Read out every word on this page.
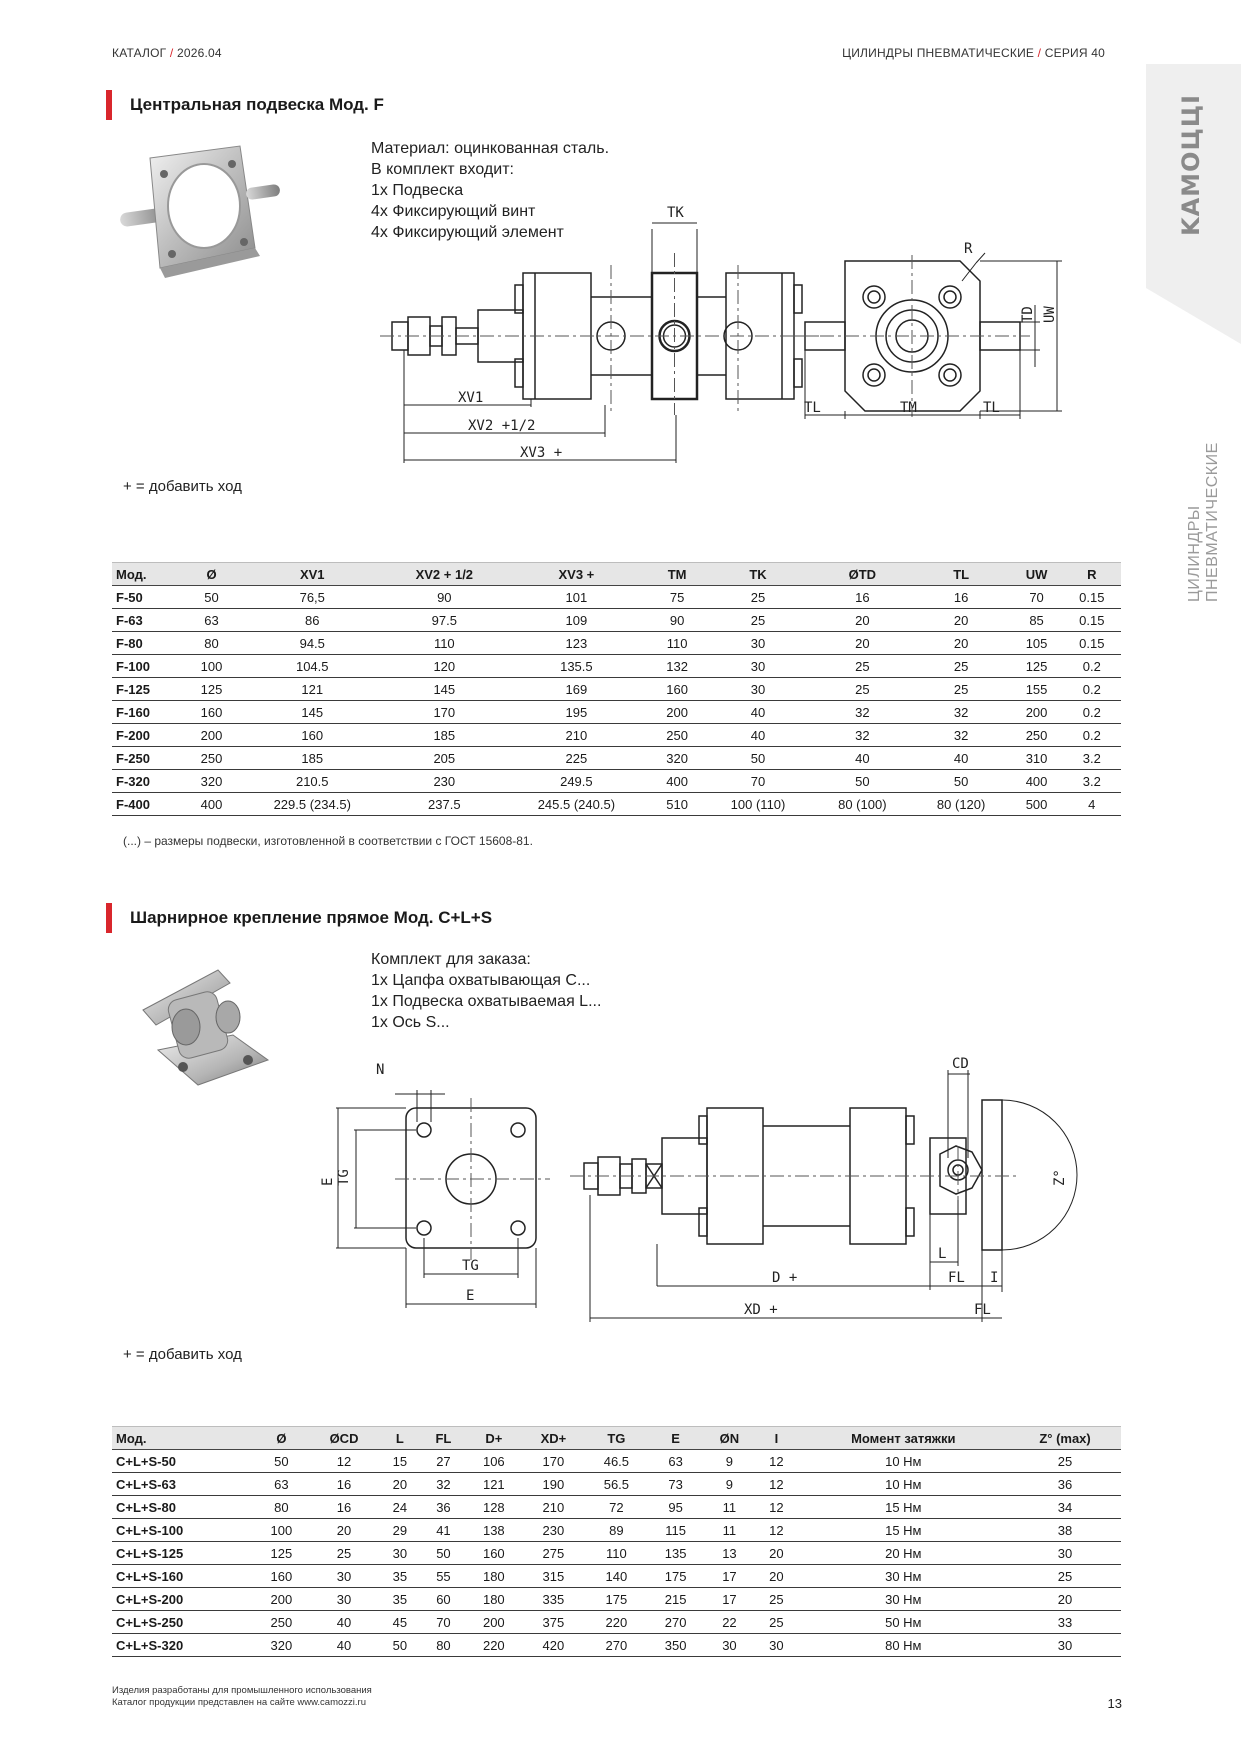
КАТАЛОГ / 2026.04	ЦИЛИНДРЫ ПНЕВМАТИЧЕСКИЕ / СЕРИЯ 40
KAMOЦЦI
ЦИЛИНДРЫ ПНЕВМАТИЧЕСКИЕ
Центральная подвеска Мод. F
Материал: оцинкованная сталь.
В комплект входит:
1x Подвеска
4x Фиксирующий винт
4x Фиксирующий элемент
TK
R
TD UW
TL	TM	TL
XV1
XV2 +1/2
XV3 +
+ = добавить ход
Мод.	Ø	XV1	XV2 + 1/2	XV3 +	TM	TK	ØTD	TL	UW	R
F-50	50	76,5	90	101	75	25	16	16	70	0.15
F-63	63	86	97.5	109	90	25	20	20	85	0.15
F-80	80	94.5	110	123	110	30	20	20	105	0.15
F-100	100	104.5	120	135.5	132	30	25	25	125	0.2
F-125	125	121	145	169	160	30	25	25	155	0.2
F-160	160	145	170	195	200	40	32	32	200	0.2
F-200	200	160	185	210	250	40	32	32	250	0.2
F-250	250	185	205	225	320	50	40	40	310	3.2
F-320	320	210.5	230	249.5	400	70	50	50	400	3.2
F-400	400	229.5 (234.5)	237.5	245.5 (240.5)	510	100 (110)	80 (100)	80 (120)	500	4
(...) – размеры подвески, изготовленной в соответствии с ГОСТ 15608-81.
Шарнирное крепление прямое Мод. C+L+S
Комплект для заказа:
1x Цапфа охватывающая C...
1x Подвеска охватываемая L...
1x Ось S...
N
E TG
TG
E
CD
Z°
L
D +	FL I
XD +	FL
+ = добавить ход
Мод.	Ø	ØCD	L	FL	D+	XD+	TG	E	ØN	I	Момент затяжки	Z° (max)
C+L+S-50	50	12	15	27	106	170	46.5	63	9	12	10 Нм	25
C+L+S-63	63	16	20	32	121	190	56.5	73	9	12	10 Нм	36
C+L+S-80	80	16	24	36	128	210	72	95	11	12	15 Нм	34
C+L+S-100	100	20	29	41	138	230	89	115	11	12	15 Нм	38
C+L+S-125	125	25	30	50	160	275	110	135	13	20	20 Нм	30
C+L+S-160	160	30	35	55	180	315	140	175	17	20	30 Нм	25
C+L+S-200	200	30	35	60	180	335	175	215	17	25	30 Нм	20
C+L+S-250	250	40	45	70	200	375	220	270	22	25	50 Нм	33
C+L+S-320	320	40	50	80	220	420	270	350	30	30	80 Нм	30
Изделия разработаны для промышленного использования
Каталог продукции представлен на сайте www.camozzi.ru	13
